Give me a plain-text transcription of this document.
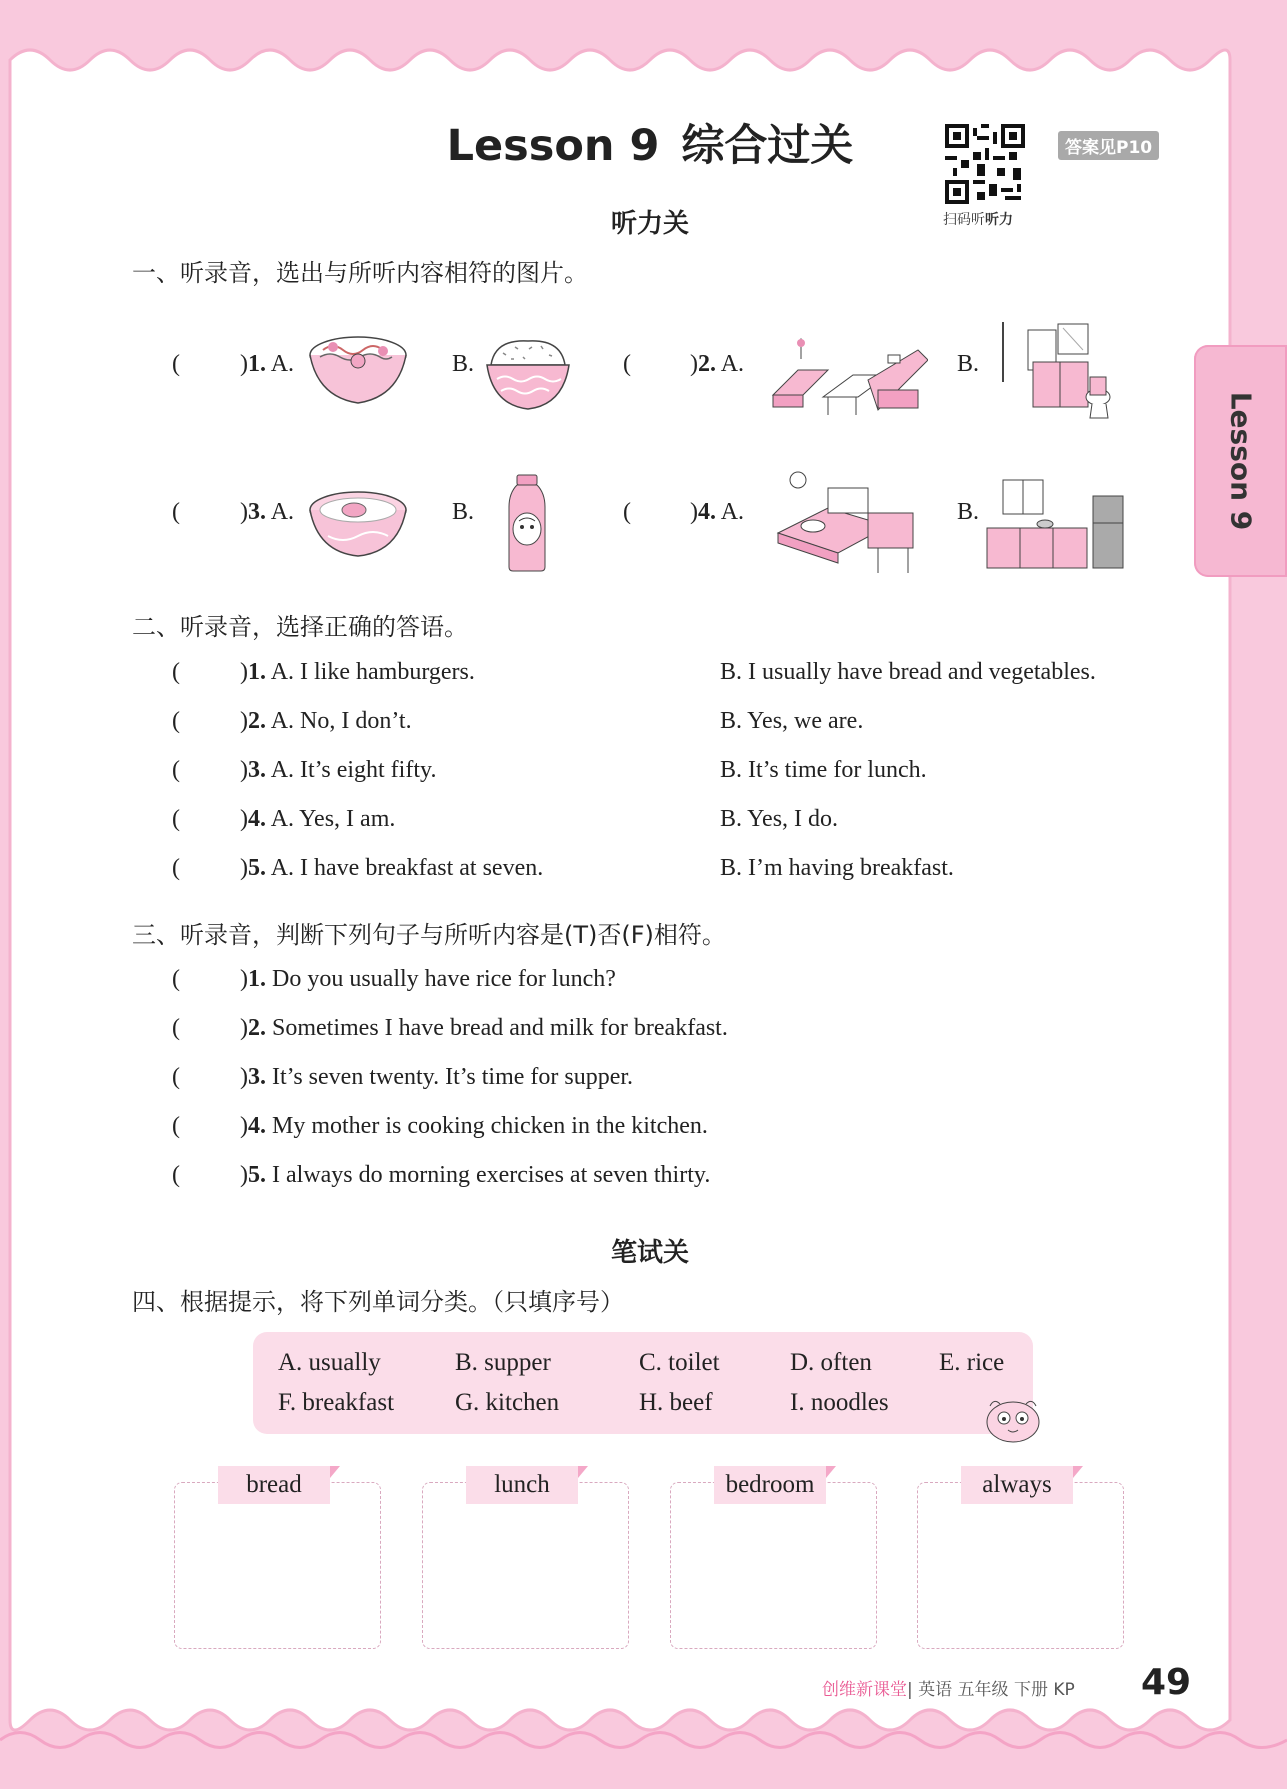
Lesson 9
Lesson 9 综合过关
扫码听听力
答案见P10
听力关
一、听录音，选出与所听内容相符的图片。
(	)1. A.	B.	( )2. A.	B.
(	)3. A.	B.	( )4. A.	B.
二、听录音，选择正确的答语。
(	)1. A. I like hamburgers.	B. I usually have bread and vegetables.
(	)2. A. No, I don’t.	B. Yes, we are.
(	)3. A. It’s eight fifty.	B. It’s time for lunch.
(	)4. A. Yes, I am.	B. Yes, I do.
(	)5. A. I have breakfast at seven.	B. I’m having breakfast.
三、听录音，判断下列句子与所听内容是(T)否(F)相符。
(	)1. Do you usually have rice for lunch?
(	)2. Sometimes I have bread and milk for breakfast.
(	)3. It’s seven twenty. It’s time for supper.
(	)4. My mother is cooking chicken in the kitchen.
(	)5. I always do morning exercises at seven thirty.
笔试关
四、根据提示，将下列单词分类。（只填序号）
A. usually	B. supper	C. toilet	D. often	E. rice
F. breakfast G. kitchen	H. beef	I. noodles
bread	lunch	bedroom	always
创维新课堂| 英语 五年级 下册 KP 49
